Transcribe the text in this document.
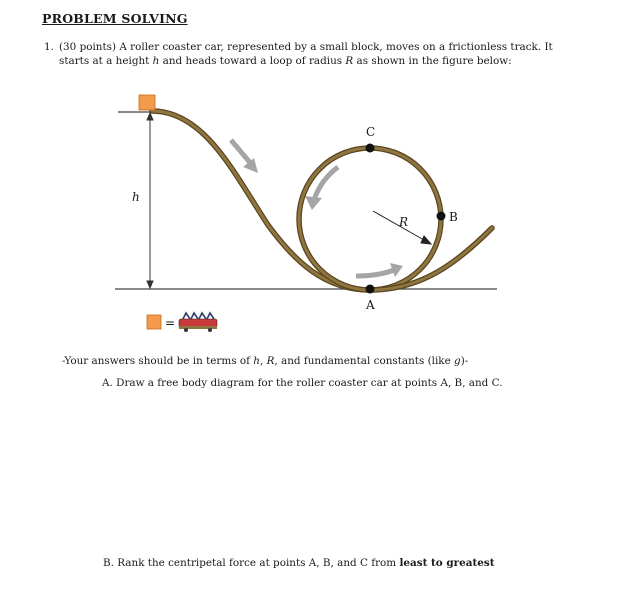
PROBLEM SOLVING
1. (30 points) A roller coaster car, represented by a small block, moves on a frictionless track. It
starts at a height h and heads toward a loop of radius R as shown in the figure below:
h
R
C
B
A
=
-Your answers should be in terms of h, R, and fundamental constants (like g)-
A. Draw a free body diagram for the roller coaster car at points A, B, and C.
B. Rank the centripetal force at points A, B, and C from least to greatest
